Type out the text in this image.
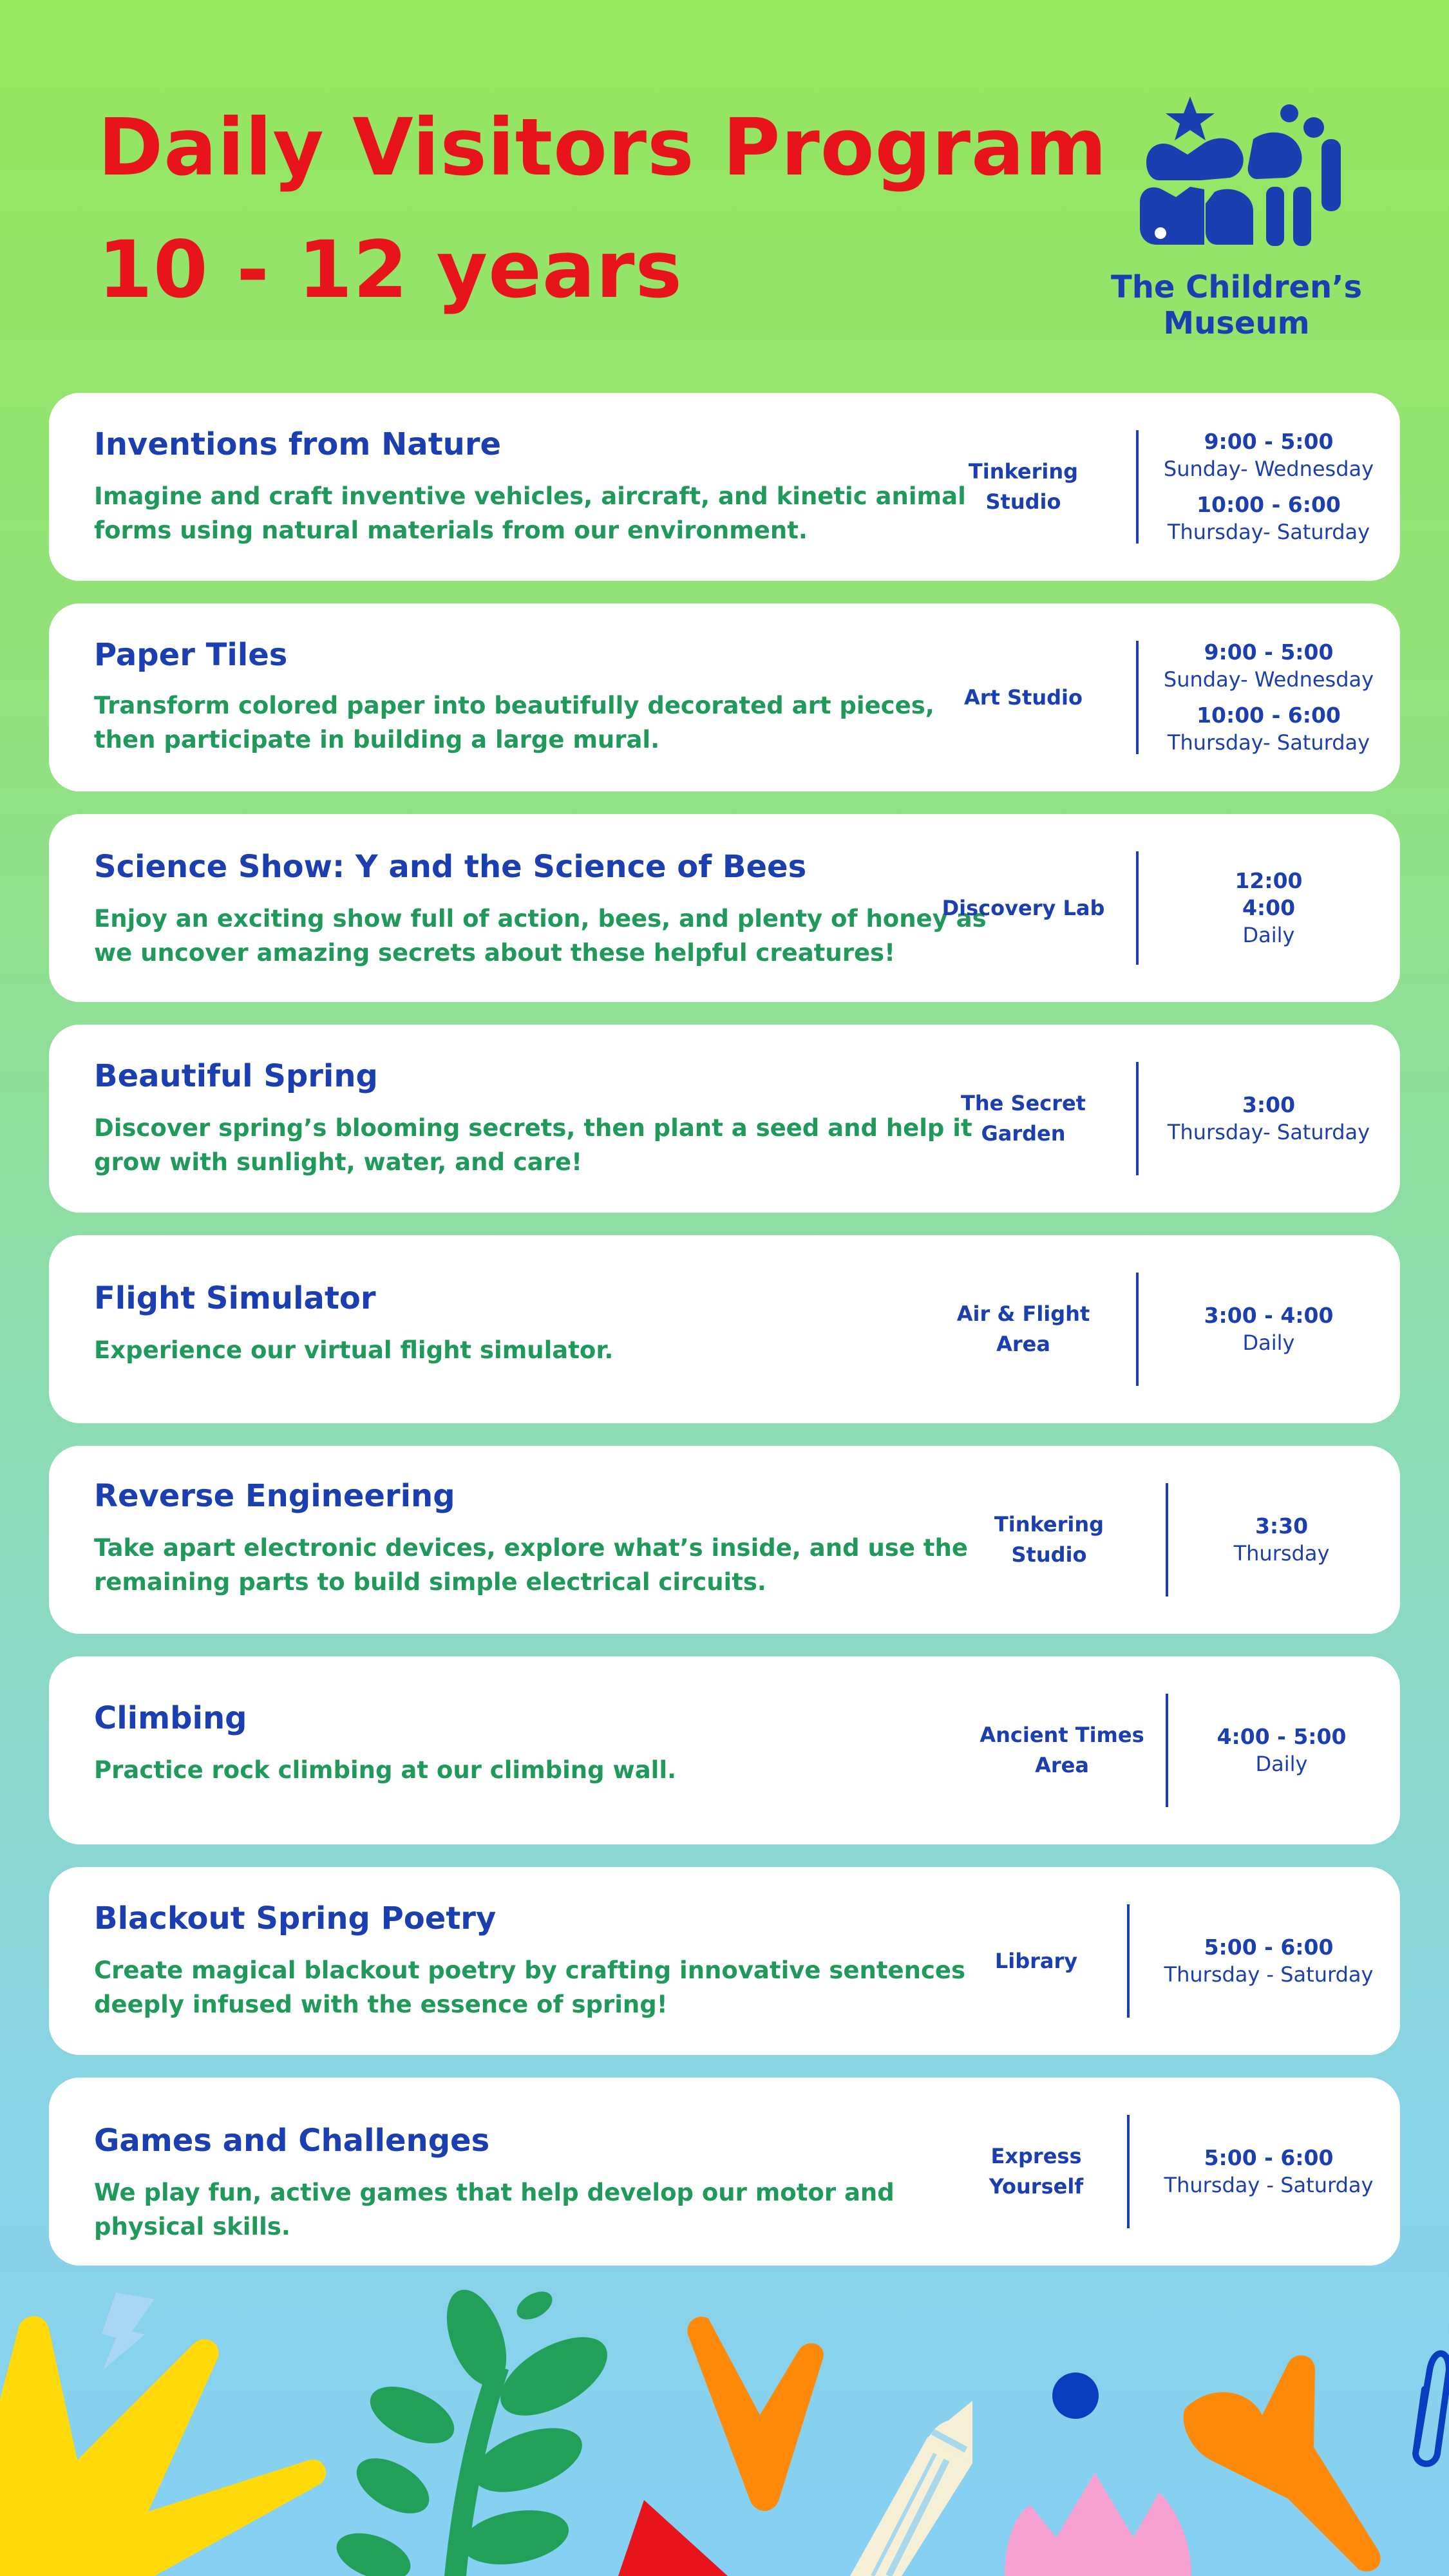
Daily Visitors Program
10 - 12 years	The Children’s
Museum
Inventions from Nature
Imagine and craft inventive vehicles, aircraft, and kinetic animal forms using natural materials from our environment.
Tinkering Studio
9:00 - 5:00
Sunday- Wednesday
10:00 - 6:00
Thursday- Saturday
Paper Tiles
Transform colored paper into beautifully decorated art pieces, then participate in building a large mural.
Art Studio
9:00 - 5:00
Sunday- Wednesday
10:00 - 6:00
Thursday- Saturday
Science Show: Y and the Science of Bees
Enjoy an exciting show full of action, bees, and plenty of honey as we uncover amazing secrets about these helpful creatures!
Discovery Lab
12:00
4:00
Daily
Beautiful Spring
Discover spring’s blooming secrets, then plant a seed and help it grow with sunlight, water, and care!
The Secret Garden
3:00
Thursday- Saturday
Flight Simulator
Experience our virtual flight simulator.
Air & Flight Area
3:00 - 4:00
Daily
Reverse Engineering
Take apart electronic devices, explore what’s inside, and use the remaining parts to build simple electrical circuits.
Tinkering Studio
3:30
Thursday
Climbing
Practice rock climbing at our climbing wall.
Ancient Times Area
4:00 - 5:00
Daily
Blackout Spring Poetry
Create magical blackout poetry by crafting innovative sentences deeply infused with the essence of spring!
Library
5:00 - 6:00
Thursday - Saturday
Games and Challenges
We play fun, active games that help develop our motor and physical skills.
Express Yourself
5:00 - 6:00
Thursday - Saturday
